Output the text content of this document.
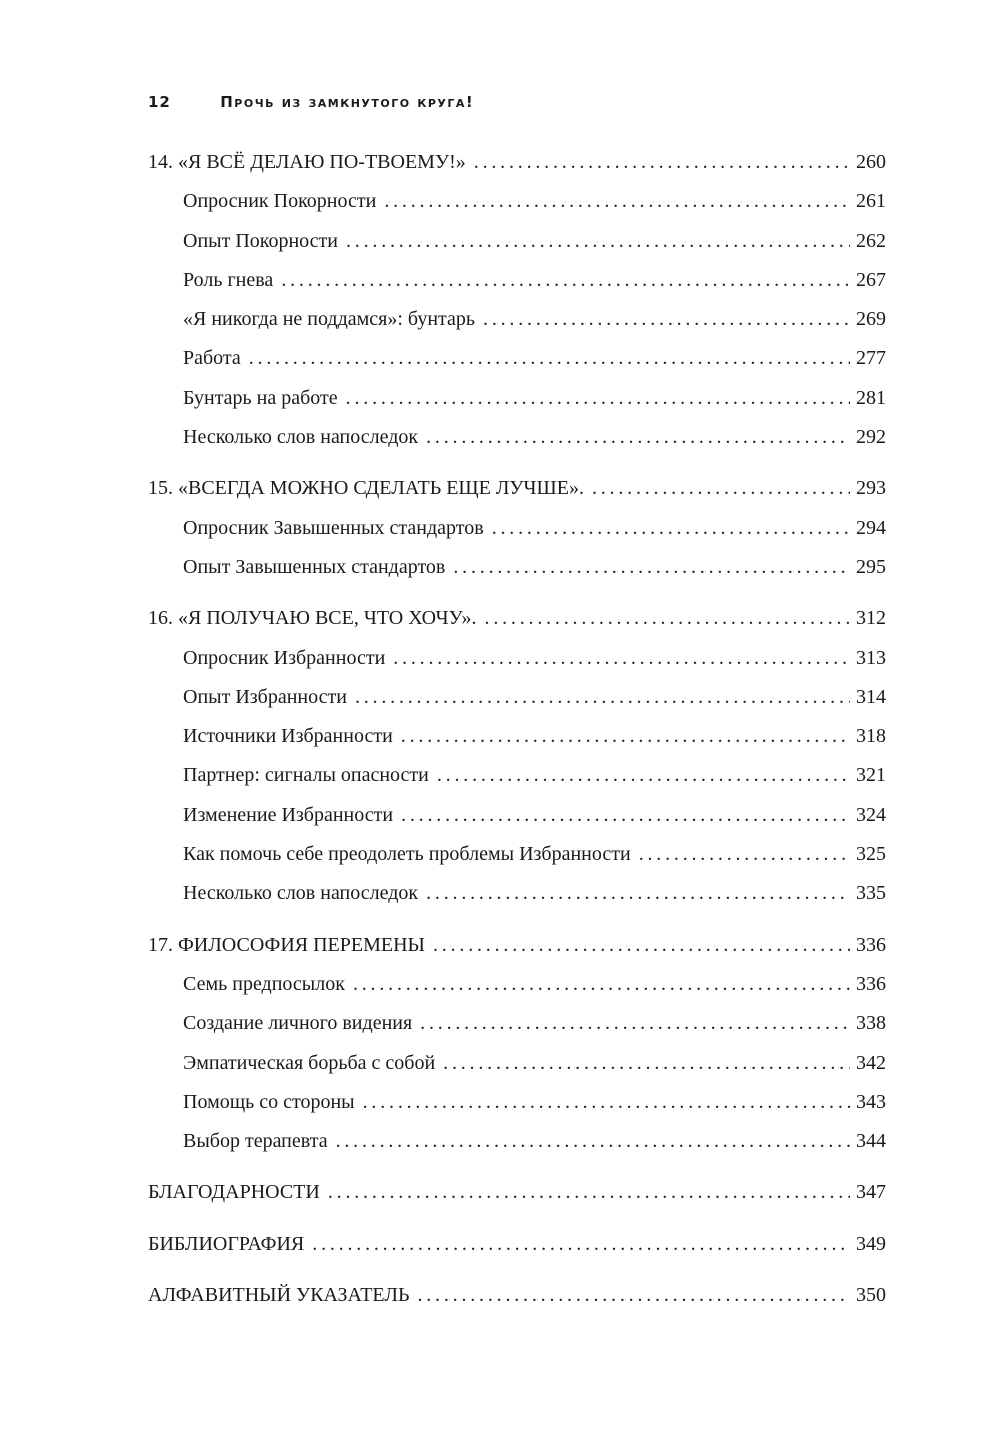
12	Прочь из замкнутого круга!
14. «Я ВСЁ ДЕЛАЮ ПО-ТВОЕМУ!» . . .	260
Опросник Покорности . . .	261
Опыт Покорности . . .	262
Роль гнева . . .	267
«Я никогда не поддамся»: бунтарь . . .	269
Работа . . .	277
Бунтарь на работе . . .	281
Несколько слов напоследок . . .	292
15. «ВСЕГДА МОЖНО СДЕЛАТЬ ЕЩЕ ЛУЧШЕ». . . .	293
Опросник Завышенных стандартов . . .	294
Опыт Завышенных стандартов . . .	295
16. «Я ПОЛУЧАЮ ВСЕ, ЧТО ХОЧУ». . . .	312
Опросник Избранности . . .	313
Опыт Избранности . . .	314
Источники Избранности . . .	318
Партнер: сигналы опасности . . .	321
Изменение Избранности . . .	324
Как помочь себе преодолеть проблемы Избранности . . .	325
Несколько слов напоследок . . .	335
17. ФИЛОСОФИЯ ПЕРЕМЕНЫ . . .	336
Семь предпосылок . . .	336
Создание личного видения . . .	338
Эмпатическая борьба с собой . . .	342
Помощь со стороны . . .	343
Выбор терапевта . . .	344
БЛАГОДАРНОСТИ . . .	347
БИБЛИОГРАФИЯ . . .	349
АЛФАВИТНЫЙ УКАЗАТЕЛЬ . . .	350
